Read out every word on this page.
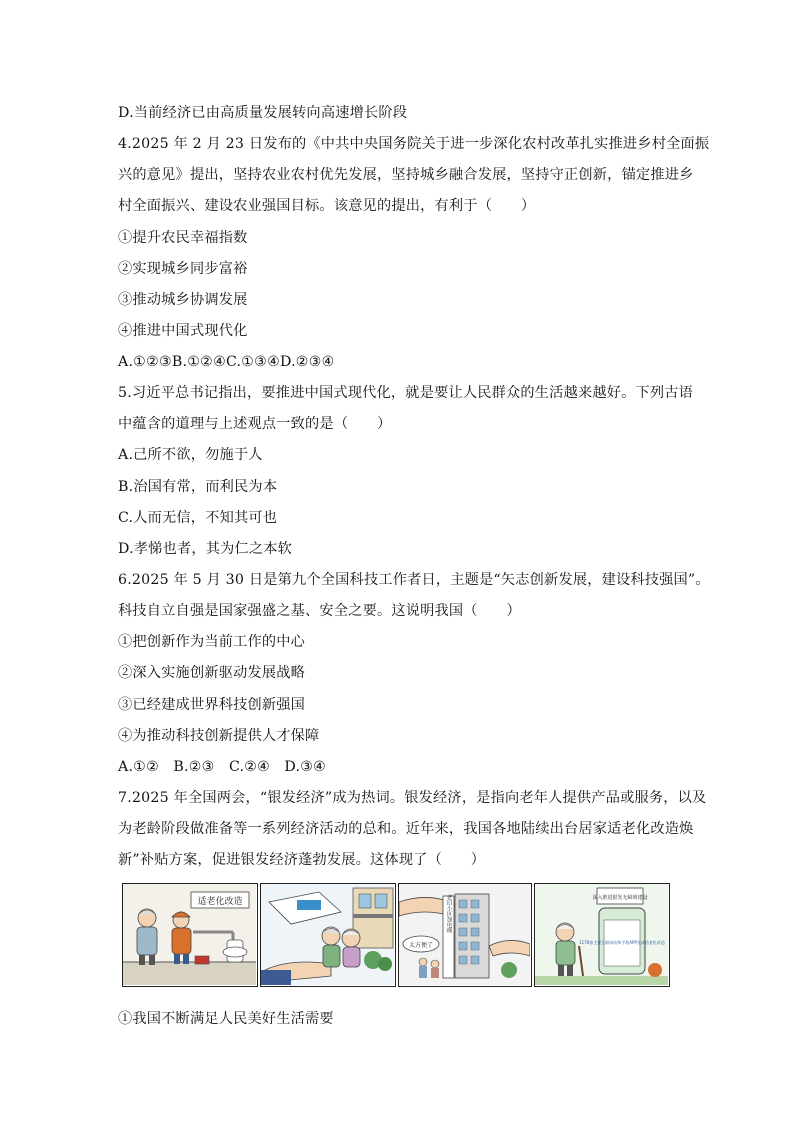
D.当前经济已由高质量发展转向高速增长阶段
4.2025 年 2 月 23 日发布的《中共中央国务院关于进一步深化农村改革扎实推进乡村全面振
兴的意见》提出，坚持农业农村优先发展，坚持城乡融合发展，坚持守正创新，锚定推进乡
村全面振兴、建设农业强国目标。该意见的提出，有利于（　　）
①提升农民幸福指数
②实现城乡同步富裕
③推动城乡协调发展
④推进中国式现代化
A.①②③B.①②④C.①③④D.②③④
5.习近平总书记指出，要推进中国式现代化，就是要让人民群众的生活越来越好。下列古语
中蕴含的道理与上述观点一致的是（　　）
A.己所不欲，勿施于人
B.治国有常，而利民为本
C.人而无信，不知其可也
D.孝悌也者，其为仁之本软
6.2025 年 5 月 30 日是第九个全国科技工作者日，主题是“矢志创新发展，建设科技强国”。
科技自立自强是国家强盛之基、安全之要。这说明我国（　　）
①把创新作为当前工作的中心
②深入实施创新驱动发展战略
③已经建成世界科技创新强国
④为推动科技创新提供人才保障
A.①②　B.②③　C.②④　D.③④
7.2025 年全国两会，“银发经济”成为热词。银发经济，是指向老年人提供产品或服务，以及
为老龄阶段做准备等一系列经济活动的总和。近年来，我国各地陆续出台居家适老化改造焕
新”补贴方案，促进银发经济蓬勃发展。这体现了（　　）
适老化改造	老旧小区加电梯
太方便了
深入推进银发无障碍建设
1170家主要互联网站和手机APP完成适老化改造
①我国不断满足人民美好生活需要
